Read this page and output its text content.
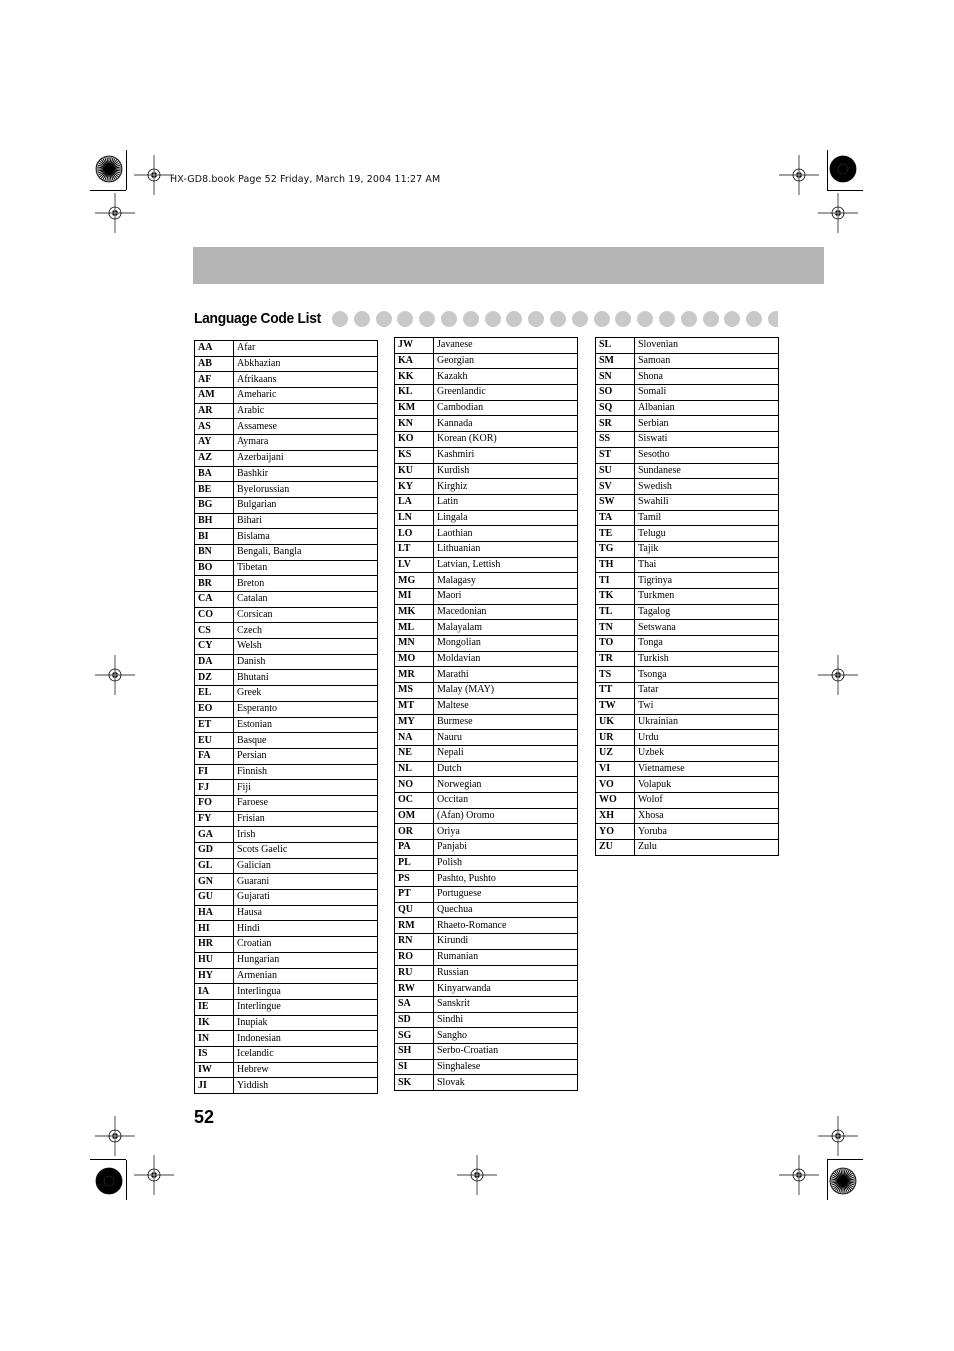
HX-GD8.book Page 52 Friday, March 19, 2004 11:27 AM
Language Code List
AA	Afar
AB	Abkhazian
AF	Afrikaans
AM	Ameharic
AR	Arabic
AS	Assamese
AY	Aymara
AZ	Azerbaijani
BA	Bashkir
BE	Byelorussian
BG	Bulgarian
BH	Bihari
BI	Bislama
BN	Bengali, Bangla
BO	Tibetan
BR	Breton
CA	Catalan
CO	Corsican
CS	Czech
CY	Welsh
DA	Danish
DZ	Bhutani
EL	Greek
EO	Esperanto
ET	Estonian
EU	Basque
FA	Persian
FI	Finnish
FJ	Fiji
FO	Faroese
FY	Frisian
GA	Irish
GD	Scots Gaelic
GL	Galician
GN	Guarani
GU	Gujarati
HA	Hausa
HI	Hindi
HR	Croatian
HU	Hungarian
HY	Armenian
IA	Interlingua
IE	Interlingue
IK	Inupiak
IN	Indonesian
IS	Icelandic
IW	Hebrew
JI	Yiddish
JW	Javanese
KA	Georgian
KK	Kazakh
KL	Greenlandic
KM	Cambodian
KN	Kannada
KO	Korean (KOR)
KS	Kashmiri
KU	Kurdish
KY	Kirghiz
LA	Latin
LN	Lingala
LO	Laothian
LT	Lithuanian
LV	Latvian, Lettish
MG	Malagasy
MI	Maori
MK	Macedonian
ML	Malayalam
MN	Mongolian
MO	Moldavian
MR	Marathi
MS	Malay (MAY)
MT	Maltese
MY	Burmese
NA	Nauru
NE	Nepali
NL	Dutch
NO	Norwegian
OC	Occitan
OM	(Afan) Oromo
OR	Oriya
PA	Panjabi
PL	Polish
PS	Pashto, Pushto
PT	Portuguese
QU	Quechua
RM	Rhaeto-Romance
RN	Kirundi
RO	Rumanian
RU	Russian
RW	Kinyarwanda
SA	Sanskrit
SD	Sindhi
SG	Sangho
SH	Serbo-Croatian
SI	Singhalese
SK	Slovak
SL	Slovenian
SM	Samoan
SN	Shona
SO	Somali
SQ	Albanian
SR	Serbian
SS	Siswati
ST	Sesotho
SU	Sundanese
SV	Swedish
SW	Swahili
TA	Tamil
TE	Telugu
TG	Tajik
TH	Thai
TI	Tigrinya
TK	Turkmen
TL	Tagalog
TN	Setswana
TO	Tonga
TR	Turkish
TS	Tsonga
TT	Tatar
TW	Twi
UK	Ukrainian
UR	Urdu
UZ	Uzbek
VI	Vietnamese
VO	Volapuk
WO	Wolof
XH	Xhosa
YO	Yoruba
ZU	Zulu
52
